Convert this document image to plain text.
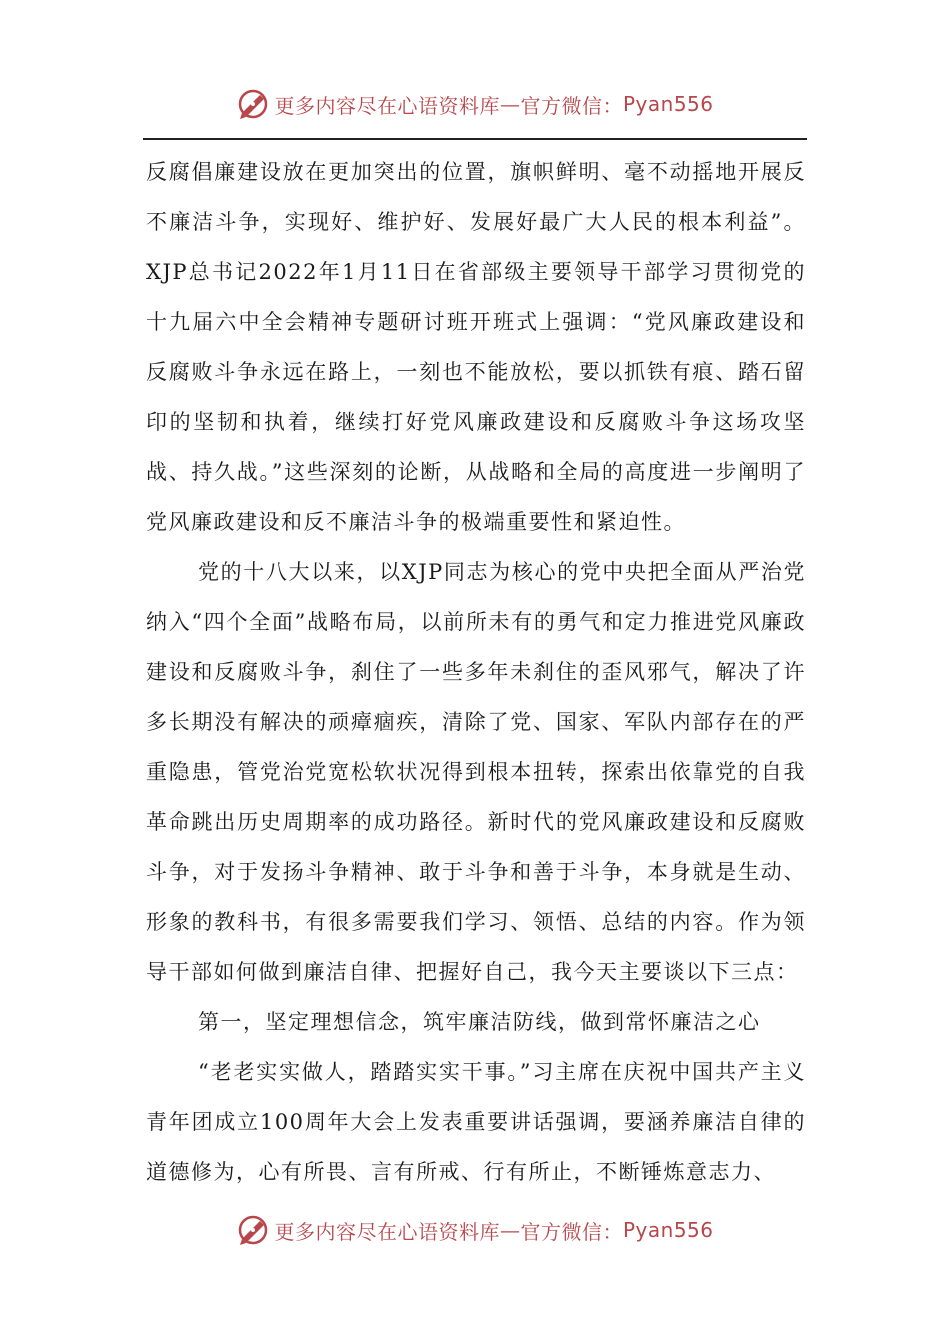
更多内容尽在心语资料库 — 官方微信： Pyan556

反腐倡廉建设放在更加突出的位置，旗帜鲜明、毫不动摇地开展反不廉洁斗争，实现好、维护好、发展好最广大人民的根本利益”。XJP总书记2022年1月11日在省部级主要领导干部学习贯彻党的十九届六中全会精神专题研讨班开班式上强调：“党风廉政建设和反腐败斗争永远在路上，一刻也不能放松，要以抓铁有痕、踏石留印的坚韧和执着，继续打好党风廉政建设和反腐败斗争这场攻坚战、持久战。”这些深刻的论断，从战略和全局的高度进一步阐明了党风廉政建设和反不廉洁斗争的极端重要性和紧迫性。

党的十八大以来，以XJP同志为核心的党中央把全面从严治党纳入“四个全面”战略布局，以前所未有的勇气和定力推进党风廉政建设和反腐败斗争，刹住了一些多年未刹住的歪风邪气，解决了许多长期没有解决的顽瘴痼疾，清除了党、国家、军队内部存在的严重隐患，管党治党宽松软状况得到根本扭转，探索出依靠党的自我革命跳出历史周期率的成功路径。新时代的党风廉政建设和反腐败斗争，对于发扬斗争精神、敢于斗争和善于斗争，本身就是生动、形象的教科书，有很多需要我们学习、领悟、总结的内容。作为领导干部如何做到廉洁自律、把握好自己，我今天主要谈以下三点：

第一，坚定理想信念，筑牢廉洁防线，做到常怀廉洁之心

“老老实实做人，踏踏实实干事。”习主席在庆祝中国共产主义青年团成立100周年大会上发表重要讲话强调，要涵养廉洁自律的道德修为，心有所畏、言有所戒、行有所止，不断锤炼意志力、

更多内容尽在心语资料库 — 官方微信： Pyan556
